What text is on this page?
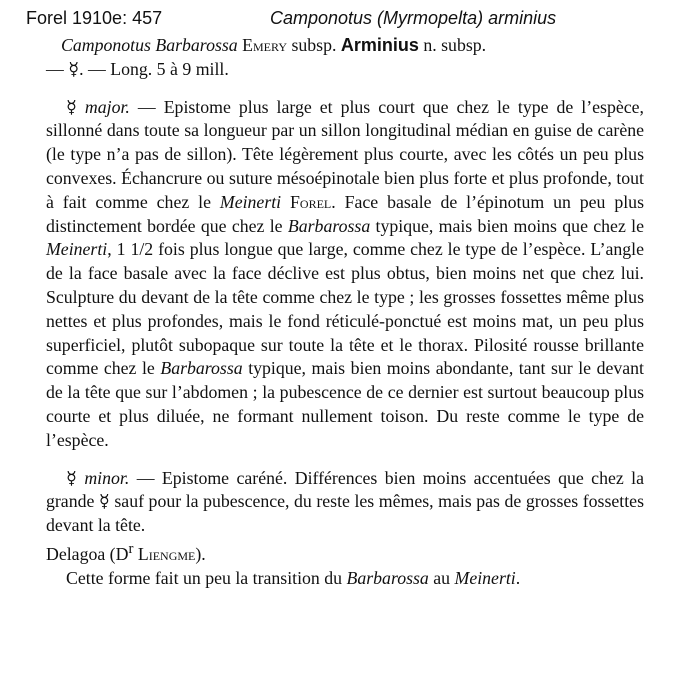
Forel 1910e: 457	Camponotus (Myrmopelta) arminius

Camponotus Barbarossa Emery subsp. Arminius n. subsp.

— ☿. — Long. 5 à 9 mill.

☿ major. — Epistome plus large et plus court que chez le type de l’espèce, sillonné dans toute sa longueur par un sillon longitudinal médian en guise de carène (le type n’a pas de sillon). Tête légèrement plus courte, avec les côtés un peu plus convexes. Échancrure ou suture mésoépinotale bien plus forte et plus profonde, tout à fait comme chez le Meinerti Forel. Face basale de l’épinotum un peu plus distinctement bordée que chez le Barbarossa typique, mais bien moins que chez le Meinerti, 1 1/2 fois plus longue que large, comme chez le type de l’espèce. L’angle de la face basale avec la face déclive est plus obtus, bien moins net que chez lui. Sculpture du devant de la tête comme chez le type ; les grosses fossettes même plus nettes et plus profondes, mais le fond réticulé-ponctué est moins mat, un peu plus superficiel, plutôt subopaque sur toute la tête et le thorax. Pilosité rousse brillante comme chez le Barbarossa typique, mais bien moins abondante, tant sur le devant de la tête que sur l’abdomen ; la pubescence de ce dernier est surtout beaucoup plus courte et plus diluée, ne formant nullement toison. Du reste comme le type de l’espèce.

☿ minor. — Epistome caréné. Différences bien moins accentuées que chez la grande ☿ sauf pour la pubescence, du reste les mêmes, mais pas de grosses fossettes devant la tête.

Delagoa ($D^r$ Liengme).

Cette forme fait un peu la transition du Barbarossa au Meinerti.
